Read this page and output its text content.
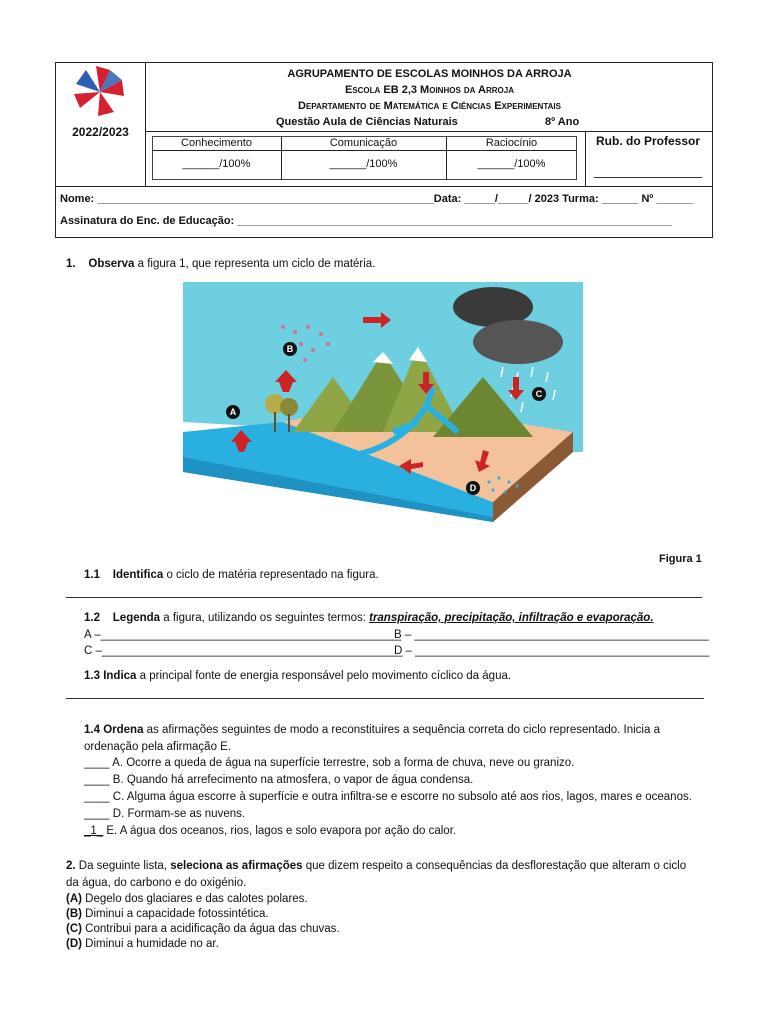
2022/2023
AGRUPAMENTO DE ESCOLAS MOINHOS DA ARROJA
Escola EB 2,3 Moinhos da Arroja
Departamento de Matemática e Ciências Experimentais
Questão Aula de Ciências Naturais	8º Ano
Conhecimento	Comunicação	Raciocínio
______/100%	______/100%	______/100%
Rub. do Professor
Nome: _______________________________________________________Data: _____/_____/ 2023 Turma: ______ Nº ______
Assinatura do Enc. de Educação: _______________________________________________________________________
1. Observa a figura 1, que representa um ciclo de matéria.
A
B
C
D
Figura 1
1.1 Identifica o ciclo de matéria representado na figura.
1.2 Legenda a figura, utilizando os seguintes termos: transpiração, precipitação, infiltração e evaporação.
A –_______________________________________________
B – ______________________________________________
C –_______________________________________________
D – ______________________________________________
1.3 Indica a principal fonte de energia responsável pelo movimento cíclico da água.
1.4 Ordena as afirmações seguintes de modo a reconstituires a sequência correta do ciclo representado. Inicia a
ordenação pela afirmação E.
____ A. Ocorre a queda de água na superfície terrestre, sob a forma de chuva, neve ou granizo.
____ B. Quando há arrefecimento na atmosfera, o vapor de água condensa.
____ C. Alguma água escorre à superfície e outra infiltra-se e escorre no subsolo até aos rios, lagos, mares e oceanos.
____ D. Formam-se as nuvens.
_1_ E. A água dos oceanos, rios, lagos e solo evapora por ação do calor.
2. Da seguinte lista, seleciona as afirmações que dizem respeito a consequências da desflorestação que alteram o ciclo
da água, do carbono e do oxigénio.
(A) Degelo dos glaciares e das calotes polares.
(B) Diminui a capacidade fotossintética.
(C) Contribui para a acidificação da água das chuvas.
(D) Diminui a humidade no ar.
